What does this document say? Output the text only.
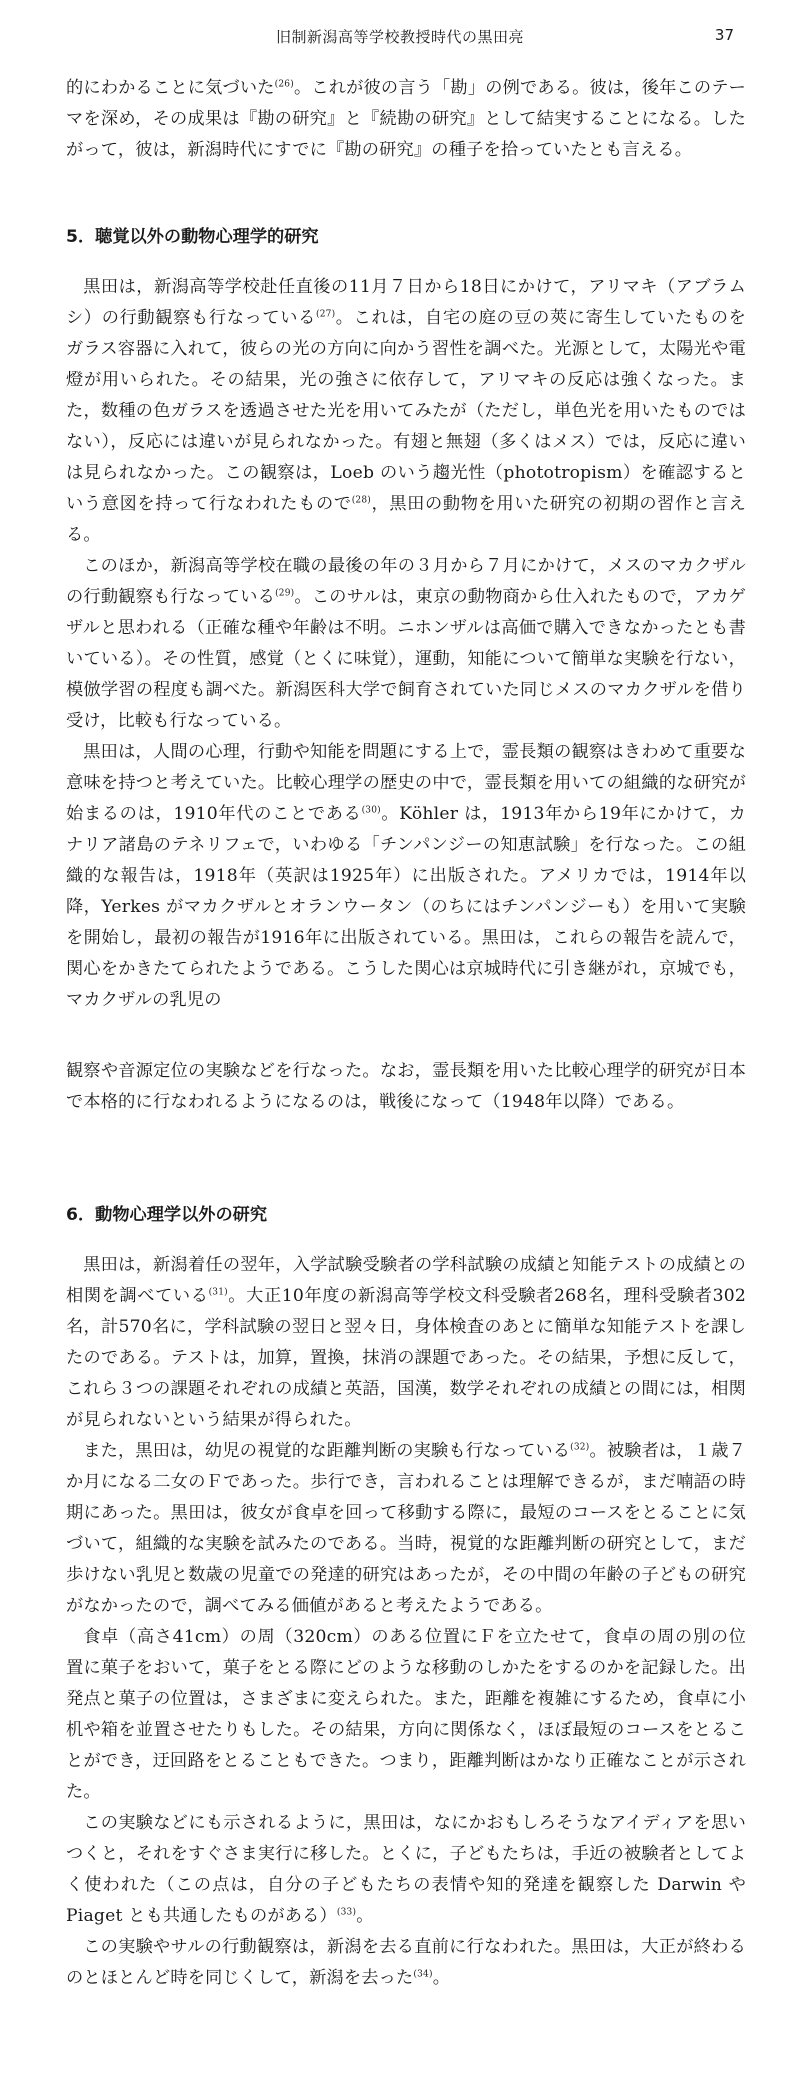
旧制新潟高等学校教授時代の黒田亮	37

的にわかることに気づいた$^{(26)}$。これが彼の言う「勘」の例である。彼は，後年このテーマを深め，その成果は『勘の研究』と『続勘の研究』として結実することになる。したがって，彼は，新潟時代にすでに『勘の研究』の種子を拾っていたとも言える。

5．聴覚以外の動物心理学的研究

黒田は，新潟高等学校赴任直後の11月７日から18日にかけて，アリマキ（アブラムシ）の行動観察も行なっている$^{(27)}$。これは，自宅の庭の豆の莢に寄生していたものをガラス容器に入れて，彼らの光の方向に向かう習性を調べた。光源として，太陽光や電燈が用いられた。その結果，光の強さに依存して，アリマキの反応は強くなった。また，数種の色ガラスを透過させた光を用いてみたが（ただし，単色光を用いたものではない），反応には違いが見られなかった。有翅と無翅（多くはメス）では，反応に違いは見られなかった。この観察は，Loeb のいう趨光性（phototropism）を確認するという意図を持って行なわれたもので$^{(28)}$，黒田の動物を用いた研究の初期の習作と言える。

このほか，新潟高等学校在職の最後の年の３月から７月にかけて，メスのマカクザルの行動観察も行なっている$^{(29)}$。このサルは，東京の動物商から仕入れたもので，アカゲザルと思われる（正確な種や年齢は不明。ニホンザルは高価で購入できなかったとも書いている）。その性質，感覚（とくに味覚），運動，知能について簡単な実験を行ない，模倣学習の程度も調べた。新潟医科大学で飼育されていた同じメスのマカクザルを借り受け，比較も行なっている。

黒田は，人間の心理，行動や知能を問題にする上で，霊長類の観察はきわめて重要な意味を持つと考えていた。比較心理学の歴史の中で，霊長類を用いての組織的な研究が始まるのは，1910年代のことである$^{(30)}$。Köhler は，1913年から19年にかけて，カナリア諸島のテネリフェで，いわゆる「チンパンジーの知恵試験」を行なった。この組織的な報告は，1918年（英訳は1925年）に出版された。アメリカでは，1914年以降，Yerkes がマカクザルとオランウータン（のちにはチンパンジーも）を用いて実験を開始し，最初の報告が1916年に出版されている。黒田は，これらの報告を読んで，関心をかきたてられたようである。こうした関心は京城時代に引き継がれ，京城でも，マカクザルの乳児の

観察や音源定位の実験などを行なった。なお，霊長類を用いた比較心理学的研究が日本で本格的に行なわれるようになるのは，戦後になって（1948年以降）である。

6．動物心理学以外の研究

黒田は，新潟着任の翌年，入学試験受験者の学科試験の成績と知能テストの成績との相関を調べている$^{(31)}$。大正10年度の新潟高等学校文科受験者268名，理科受験者302名，計570名に，学科試験の翌日と翌々日，身体検査のあとに簡単な知能テストを課したのである。テストは，加算，置換，抹消の課題であった。その結果，予想に反して，これら３つの課題それぞれの成績と英語，国漢，数学それぞれの成績との間には，相関が見られないという結果が得られた。

また，黒田は，幼児の視覚的な距離判断の実験も行なっている$^{(32)}$。被験者は，１歳７か月になる二女のＦであった。歩行でき，言われることは理解できるが，まだ喃語の時期にあった。黒田は，彼女が食卓を回って移動する際に，最短のコースをとることに気づいて，組織的な実験を試みたのである。当時，視覚的な距離判断の研究として，まだ歩けない乳児と数歳の児童での発達的研究はあったが，その中間の年齢の子どもの研究がなかったので，調べてみる価値があると考えたようである。

食卓（高さ41cm）の周（320cm）のある位置にＦを立たせて，食卓の周の別の位置に菓子をおいて，菓子をとる際にどのような移動のしかたをするのかを記録した。出発点と菓子の位置は，さまざまに変えられた。また，距離を複雑にするため，食卓に小机や箱を並置させたりもした。その結果，方向に関係なく，ほぼ最短のコースをとることができ，迂回路をとることもできた。つまり，距離判断はかなり正確なことが示された。

この実験などにも示されるように，黒田は，なにかおもしろそうなアイディアを思いつくと，それをすぐさま実行に移した。とくに，子どもたちは，手近の被験者としてよく使われた（この点は，自分の子どもたちの表情や知的発達を観察した Darwin や Piaget とも共通したものがある）$^{(33)}$。

この実験やサルの行動観察は，新潟を去る直前に行なわれた。黒田は，大正が終わるのとほとんど時を同じくして，新潟を去った$^{(34)}$。
